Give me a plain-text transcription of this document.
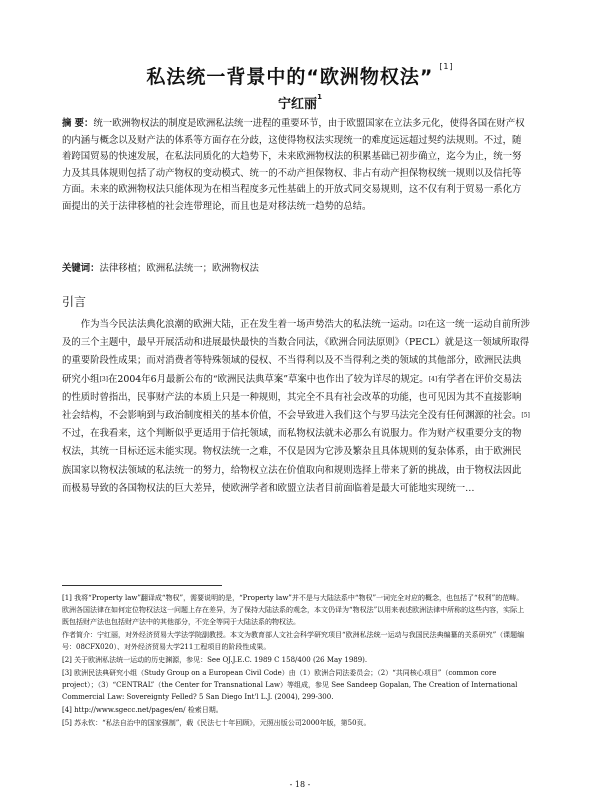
私法统一背景中的“欧洲物权法” [1]
宁红丽$^1$
摘 要：统一欧洲物权法的制度是欧洲私法统一进程的重要环节，由于欧盟国家在立法多元化，使得各国在财产权的内涵与概念以及财产法的体系等方面存在分歧，这使得物权法实现统一的难度远远超过契约法规则。不过，随着跨国贸易的快速发展，在私法同质化的大趋势下，未来欧洲物权法的积累基础已初步确立，迄今为止，统一努力及其具体规则包括了动产物权的变动模式、统一的不动产担保物权、非占有动产担保物权统一规则以及信托等方面。未来的欧洲物权法只能体现为在相当程度多元性基础上的开放式同交易规则，这不仅有利于贸易一系化方面提出的关于法律移植的社会连带理论，而且也是对移法统一趋势的总结。
关键词：法律移植；欧洲私法统一；欧洲物权法
引言
作为当今民法法典化浪潮的欧洲大陆，正在发生着一场声势浩大的私法统一运动。[2]在这一统一运动自前所涉及的三个主题中，最早开展活动和进展最快最快的当数合同法，《欧洲合同法原则》（PECL）就是这一领域所取得的重要阶段性成果；而对消费者等特殊领域的侵权、不当得利以及不当得利之类的领域的其他部分，欧洲民法典研究小组[3]在2004年6月最新公布的“欧洲民法典草案”草案中也作出了较为详尽的规定。[4]有学者在评价交易法的性质时曾指出，民事财产法的本质上只是一种规则，其完全不具有社会改革的功能，也可见因为其不直接影响社会结构，不会影响到与政治制度相关的基本价值，不会导致进入我们这个与罗马法完全没有任何渊源的社会。[5]不过，在我看来，这个判断似乎更适用于信托领域，而私物权法就未必那么有说服力。作为财产权重要分支的物权法，其统一目标还远未能实现。物权法统一之难，不仅是因为它涉及繁杂且具体规则的复杂体系，由于欧洲民族国家以物权法领域的私法统一的努力，给物权立法在价值取向和规则选择上带来了新的挑战，由于物权法因此而极易导致的各国物权法的巨大差异，使欧洲学者和欧盟立法者目前面临着是最大可能地实现统一…

[1] 我将“Property law”翻译成“物权”，需要说明的是，“Property law”并不是与大陆法系中“物权”一词完全对应的概念，也包括了“权利”的范畴。欧洲各国法律在如何定位物权法这一问题上存在差异，为了保持大陆法系的观念，本文仍译为“物权法”以用来表述欧洲法律中所称的这些内容，实际上既包括财产法也包括财产法中的其他部分，不完全等同于大陆法系的物权法。

作者简介：宁红丽，对外经济贸易大学法学院副教授。本文为教育部人文社会科学研究项目“欧洲私法统一运动与我国民法典编纂的关系研究”（课题编号：08CFX020）、对外经济贸易大学211工程项目的阶段性成果。

[2] 关于欧洲私法统一运动的历史渊源，参见：See OJ.J.E.C. 1989 C 158/400 (26 May 1989).

[3] 欧洲民法典研究小组（Study Group on a European Civil Code）由（1）欧洲合同法委员会；（2）“共同核心项目”（common core project）；（3）“CENTRAL”（the Center for Transnational Law）等组成，参见 See Sandeep Gopalan, The Creation of International Commercial Law: Sovereignty Felled? 5 San Diego Int'l L.J. (2004), 299-300.

[4] http://www.sgecc.net/pages/en/ 检索日期。

[5] 苏永钦：“私法自治中的国家强制”，载《民法七十年回顾》，元照出版公司2000年版，第50页。

- 18 -
